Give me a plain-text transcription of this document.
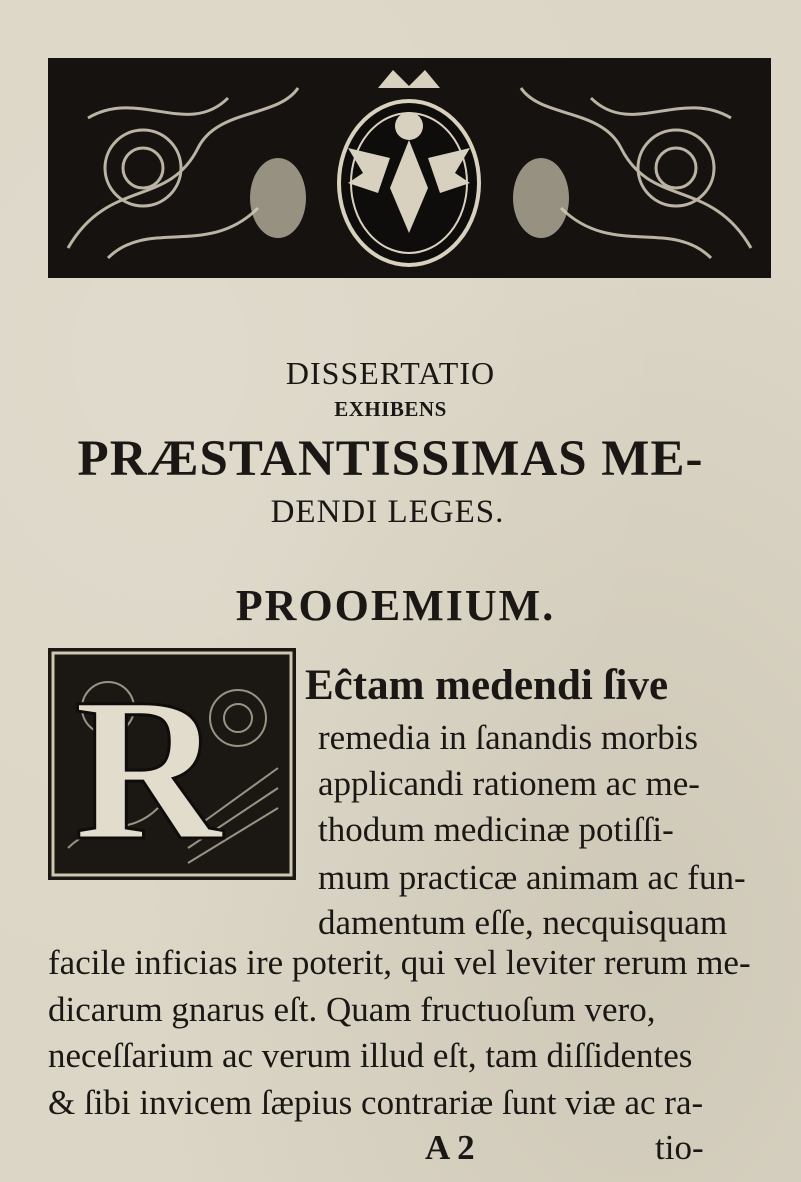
DISSERTATIO
EXHIBENS
PRÆSTANTISSIMAS ME-
DENDI LEGES.
PROOEMIUM.
R Eĉtam medendi ſive
remedia in ſanandis morbis
applicandi rationem ac me-
thodum medicinæ potiſſi-
mum practicæ animam ac fun-
damentum eſſe, necquisquam
facile inficias ire poterit, qui vel leviter rerum me-
dicarum gnarus eſt. Quam fructuoſum vero,
neceſſarium ac verum illud eſt, tam diſſidentes
& ſibi invicem ſæpius contrariæ ſunt viæ ac ra-
A 2	tio-
